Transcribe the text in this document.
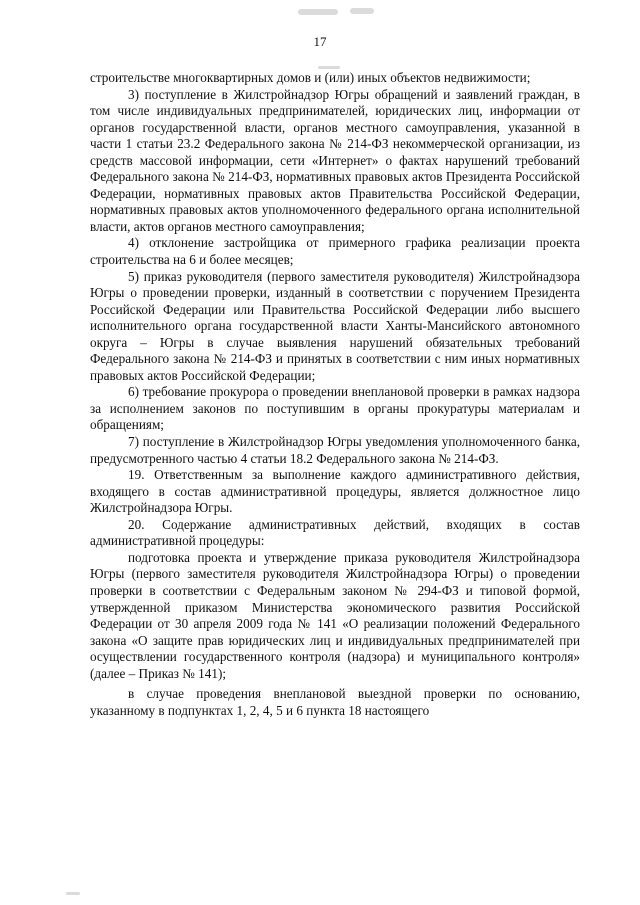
17

строительстве многоквартирных домов и (или) иных объектов недвижимости;

3) поступление в Жилстройнадзор Югры обращений и заявлений граждан, в том числе индивидуальных предпринимателей, юридических лиц, информации от органов государственной власти, органов местного самоуправления, указанной в части 1 статьи 23.2 Федерального закона № 214-ФЗ некоммерческой организации, из средств массовой информации, сети «Интернет» о фактах нарушений требований Федерального закона № 214-ФЗ, нормативных правовых актов Президента Российской Федерации, нормативных правовых актов Правительства Российской Федерации, нормативных правовых актов уполномоченного федерального органа исполнительной власти, актов органов местного самоуправления;

4) отклонение застройщика от примерного графика реализации проекта строительства на 6 и более месяцев;

5) приказ руководителя (первого заместителя руководителя) Жилстройнадзора Югры о проведении проверки, изданный в соответствии с поручением Президента Российской Федерации или Правительства Российской Федерации либо высшего исполнительного органа государственной власти Ханты-Мансийского автономного округа – Югры в случае выявления нарушений обязательных требований Федерального закона № 214-ФЗ и принятых в соответствии с ним иных нормативных правовых актов Российской Федерации;

6) требование прокурора о проведении внеплановой проверки в рамках надзора за исполнением законов по поступившим в органы прокуратуры материалам и обращениям;

7) поступление в Жилстройнадзор Югры уведомления уполномоченного банка, предусмотренного частью 4 статьи 18.2 Федерального закона № 214-ФЗ.

19. Ответственным за выполнение каждого административного действия, входящего в состав административной процедуры, является должностное лицо Жилстройнадзора Югры.

20. Содержание административных действий, входящих в состав административной процедуры:

подготовка проекта и утверждение приказа руководителя Жилстройнадзора Югры (первого заместителя руководителя Жилстройнадзора Югры) о проведении проверки в соответствии с Федеральным законом № 294-ФЗ и типовой формой, утвержденной приказом Министерства экономического развития Российской Федерации от 30 апреля 2009 года № 141 «О реализации положений Федерального закона «О защите прав юридических лиц и индивидуальных предпринимателей при осуществлении государственного контроля (надзора) и муниципального контроля» (далее – Приказ № 141);

в случае проведения внеплановой выездной проверки по основанию, указанному в подпунктах 1, 2, 4, 5 и 6 пункта 18 настоящего
